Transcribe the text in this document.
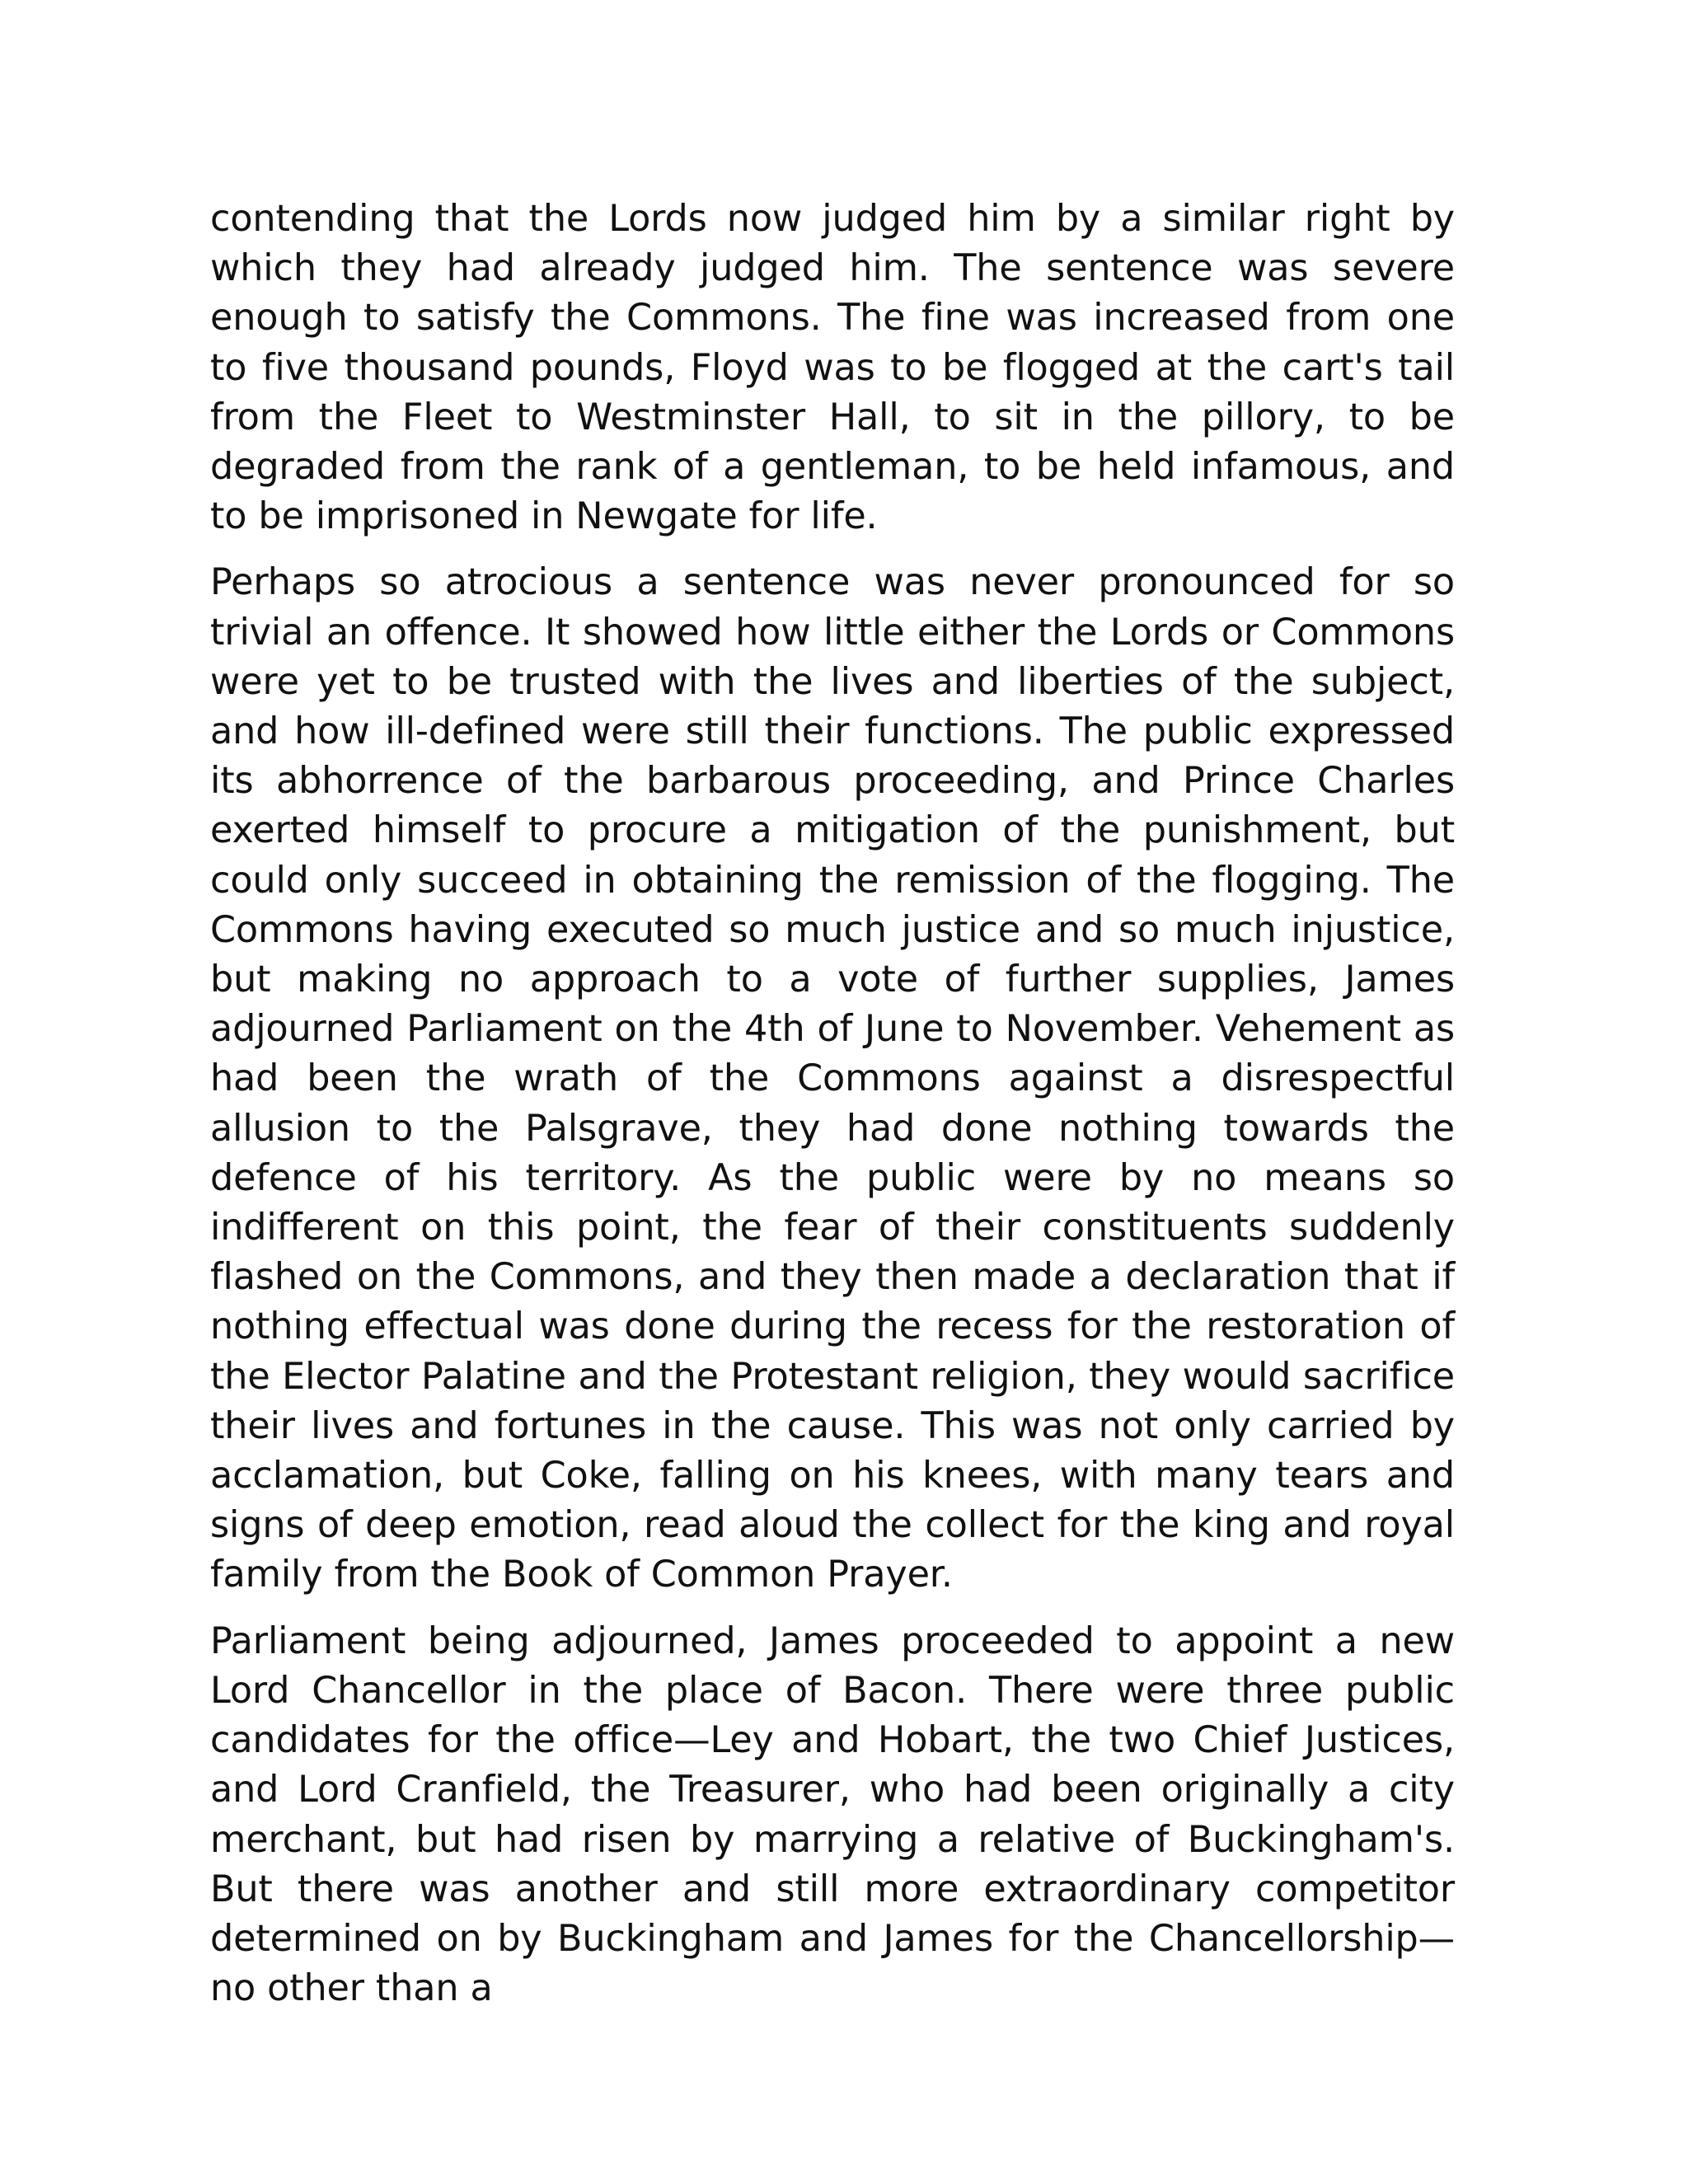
contending that the Lords now judged him by a similar right by which they had already judged him. The sentence was severe enough to satisfy the Commons. The fine was increased from one to five thousand pounds, Floyd was to be flogged at the cart's tail from the Fleet to Westminster Hall, to sit in the pillory, to be degraded from the rank of a gentleman, to be held infamous, and to be imprisoned in Newgate for life.

Perhaps so atrocious a sentence was never pronounced for so trivial an offence. It showed how little either the Lords or Commons were yet to be trusted with the lives and liberties of the subject, and how ill-defined were still their functions. The public expressed its abhorrence of the barbarous proceeding, and Prince Charles exerted himself to procure a mitigation of the punishment, but could only succeed in obtaining the remission of the flogging. The Commons having executed so much justice and so much injustice, but making no approach to a vote of further supplies, James adjourned Parliament on the 4th of June to November. Vehement as had been the wrath of the Commons against a disrespectful allusion to the Palsgrave, they had done nothing towards the defence of his territory. As the public were by no means so indifferent on this point, the fear of their constituents suddenly flashed on the Commons, and they then made a declaration that if nothing effectual was done during the recess for the restoration of the Elector Palatine and the Protestant religion, they would sacrifice their lives and fortunes in the cause. This was not only carried by acclamation, but Coke, falling on his knees, with many tears and signs of deep emotion, read aloud the collect for the king and royal family from the Book of Common Prayer.

Parliament being adjourned, James proceeded to appoint a new Lord Chancellor in the place of Bacon. There were three public candidates for the office—Ley and Hobart, the two Chief Justices, and Lord Cranfield, the Treasurer, who had been originally a city merchant, but had risen by marrying a relative of Buckingham's. But there was another and still more extraordinary competitor determined on by Buckingham and James for the Chancellorship—no other than a
